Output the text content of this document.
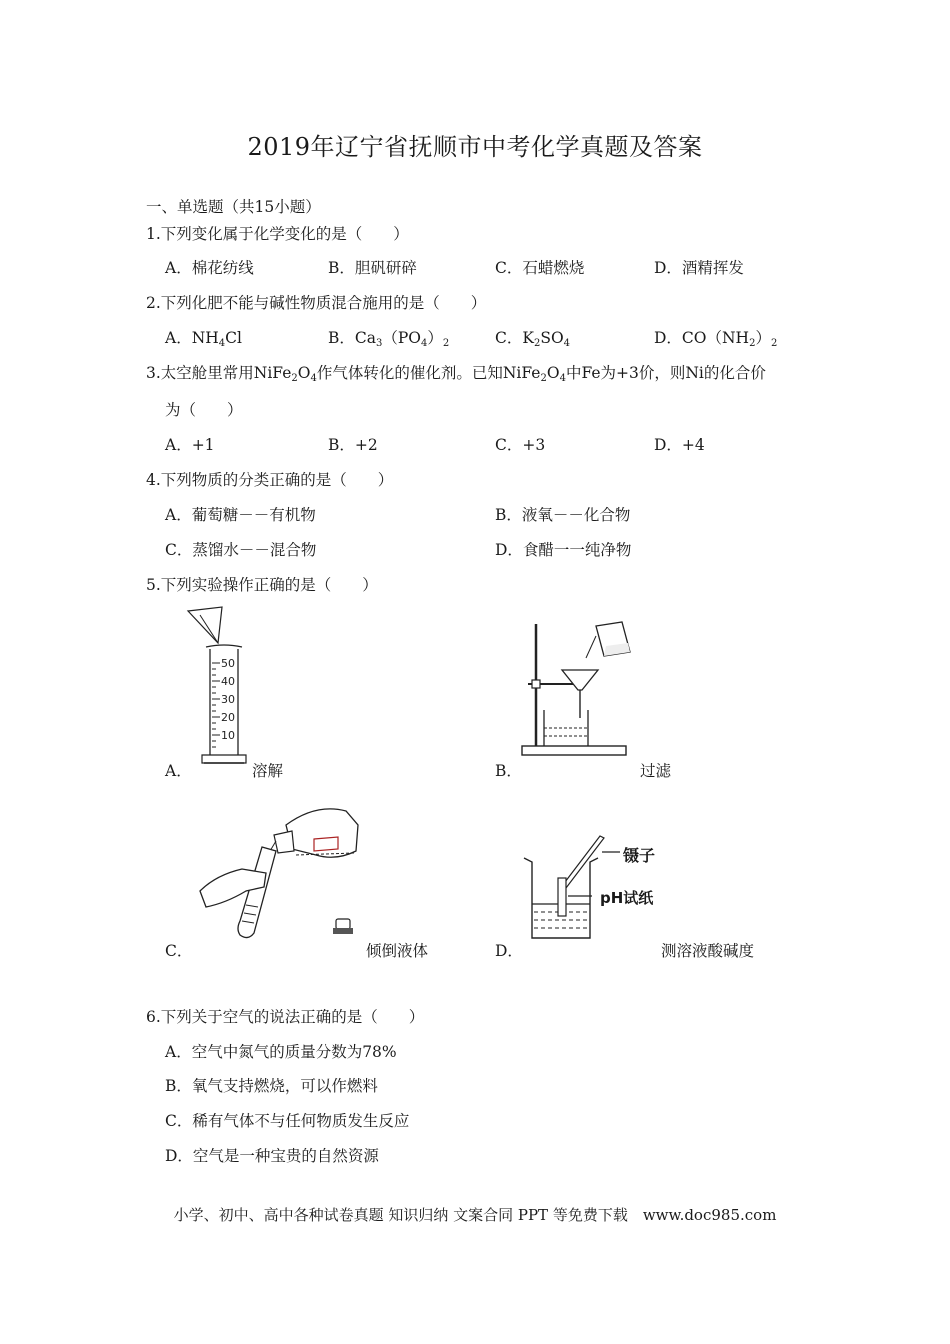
2019年辽宁省抚顺市中考化学真题及答案
一、单选题（共15小题）
1.下列变化属于化学变化的是（　　）
A．棉花纺线	B．胆矾研碎	C．石蜡燃烧	D．酒精挥发
2.下列化肥不能与碱性物质混合施用的是（　　）
A．$NH_4Cl$	B．$Ca_3(PO_4)_2$	C．$K_2SO_4$	D．$CO(NH_2)_2$
3.太空舱里常用$NiFe_2O_4$作气体转化的催化剂。已知$NiFe_2O_4$中Fe为+3价，则Ni的化合价
为（　　）
A．+1	B．+2	C．+3	D．+4
4.下列物质的分类正确的是（　　）
A．葡萄糖－－有机物	B．液氧－－化合物
C．蒸馏水－－混合物	D．食醋一一纯净物
5.下列实验操作正确的是（　　）
50
40
30
20
10
A．	溶解	B．	过滤
C．	倾倒液体
镊子
pH试纸
D．	测溶液酸碱度
6.下列关于空气的说法正确的是（　　）
A．空气中氮气的质量分数为78%
B．氧气支持燃烧，可以作燃料
C．稀有气体不与任何物质发生反应
D．空气是一种宝贵的自然资源
小学、初中、高中各种试卷真题 知识归纳 文案合同 PPT 等免费下载　www.doc985.com
